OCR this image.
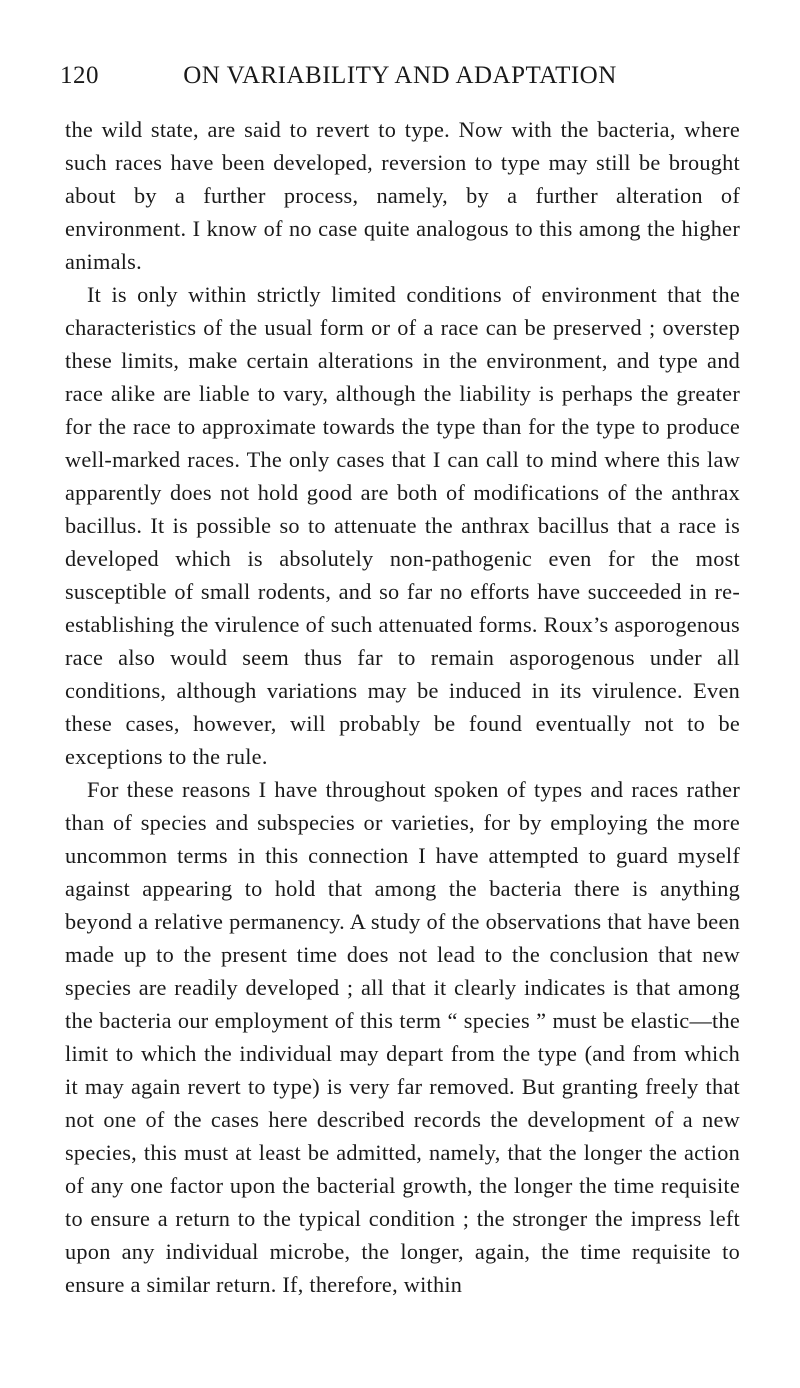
120	ON VARIABILITY AND ADAPTATION

the wild state, are said to revert to type. Now with the bacteria, where such races have been developed, reversion to type may still be brought about by a further process, namely, by a further alteration of environment. I know of no case quite analogous to this among the higher animals.

It is only within strictly limited conditions of environment that the characteristics of the usual form or of a race can be preserved ; overstep these limits, make certain alterations in the environment, and type and race alike are liable to vary, although the liability is perhaps the greater for the race to approximate towards the type than for the type to produce well-marked races. The only cases that I can call to mind where this law apparently does not hold good are both of modifications of the anthrax bacillus. It is possible so to attenuate the anthrax bacillus that a race is developed which is absolutely non-pathogenic even for the most susceptible of small rodents, and so far no efforts have succeeded in re-establishing the virulence of such attenuated forms. Roux’s asporogenous race also would seem thus far to remain asporogenous under all conditions, although variations may be induced in its virulence. Even these cases, however, will probably be found eventually not to be exceptions to the rule.

For these reasons I have throughout spoken of types and races rather than of species and subspecies or varieties, for by employing the more uncommon terms in this connection I have attempted to guard myself against appearing to hold that among the bacteria there is anything beyond a relative permanency. A study of the observations that have been made up to the present time does not lead to the conclusion that new species are readily developed ; all that it clearly indicates is that among the bacteria our employment of this term “ species ” must be elastic—the limit to which the individual may depart from the type (and from which it may again revert to type) is very far removed. But granting freely that not one of the cases here described records the development of a new species, this must at least be admitted, namely, that the longer the action of any one factor upon the bacterial growth, the longer the time requisite to ensure a return to the typical condition ; the stronger the impress left upon any individual microbe, the longer, again, the time requisite to ensure a similar return. If, therefore, within
